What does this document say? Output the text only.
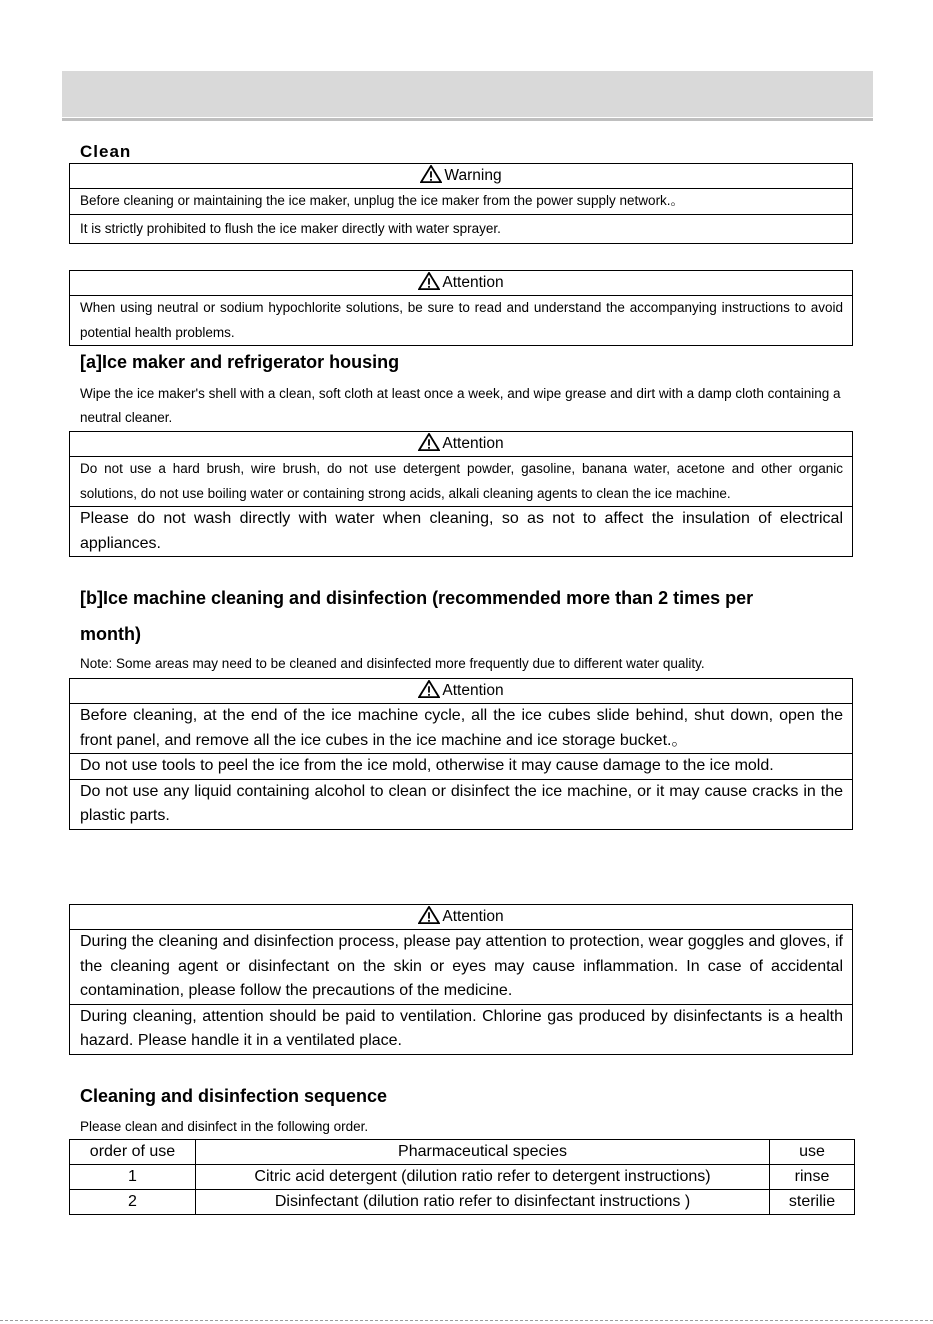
Clean
Warning
Before cleaning or maintaining the ice maker, unplug the ice maker from the power supply network.。
It is strictly prohibited to flush the ice maker directly with water sprayer.
Attention
When using neutral or sodium hypochlorite solutions, be sure to read and understand the accompanying instructions to avoid potential health problems.
[a]Ice maker and refrigerator housing
Wipe the ice maker's shell with a clean, soft cloth at least once a week, and wipe grease and dirt with a damp cloth containing a neutral cleaner.
Attention
Do not use a hard brush, wire brush, do not use detergent powder, gasoline, banana water, acetone and other organic solutions, do not use boiling water or containing strong acids, alkali cleaning agents to clean the ice machine.
Please do not wash directly with water when cleaning, so as not to affect the insulation of electrical appliances.
[b]Ice machine cleaning and disinfection (recommended more than 2 times per
month)
Note: Some areas may need to be cleaned and disinfected more frequently due to different water quality.
Attention
Before cleaning, at the end of the ice machine cycle, all the ice cubes slide behind, shut down, open the front panel, and remove all the ice cubes in the ice machine and ice storage bucket.。
Do not use tools to peel the ice from the ice mold, otherwise it may cause damage to the ice mold.
Do not use any liquid containing alcohol to clean or disinfect the ice machine, or it may cause cracks in the plastic parts.
Attention
During the cleaning and disinfection process, please pay attention to protection, wear goggles and gloves, if the cleaning agent or disinfectant on the skin or eyes may cause inflammation. In case of accidental contamination, please follow the precautions of the medicine.
During cleaning, attention should be paid to ventilation. Chlorine gas produced by disinfectants is a health hazard. Please handle it in a ventilated place.
Cleaning and disinfection sequence
Please clean and disinfect in the following order.
order of use	Pharmaceutical species	use
1	Citric acid detergent (dilution ratio refer to detergent instructions)	rinse
2	Disinfectant (dilution ratio refer to disinfectant instructions )	sterilie
